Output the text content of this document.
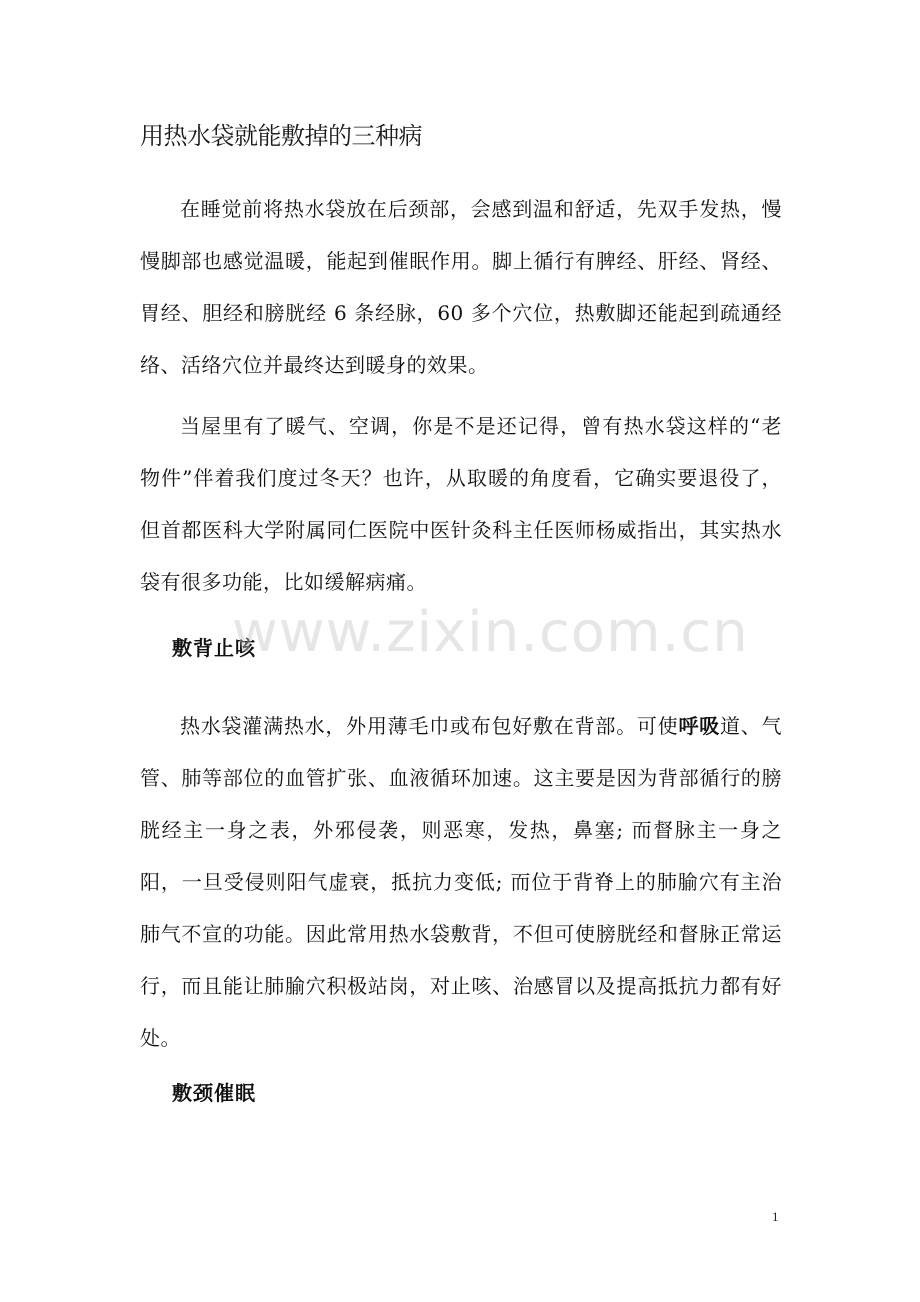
用热水袋就能敷掉的三种病

在睡觉前将热水袋放在后颈部，会感到温和舒适，先双手发热，慢慢脚部也感觉温暖，能起到催眠作用。脚上循行有脾经、肝经、肾经、胃经、胆经和膀胱经 6 条经脉，60 多个穴位，热敷脚还能起到疏通经络、活络穴位并最终达到暖身的效果。

当屋里有了暖气、空调，你是不是还记得，曾有热水袋这样的“老物件”伴着我们度过冬天？也许，从取暖的角度看，它确实要退役了，但首都医科大学附属同仁医院中医针灸科主任医师杨威指出，其实热水袋有很多功能，比如缓解病痛。

敷背止咳

热水袋灌满热水，外用薄毛巾或布包好敷在背部。可使呼吸道、气管、肺等部位的血管扩张、血液循环加速。这主要是因为背部循行的膀胱经主一身之表，外邪侵袭，则恶寒，发热，鼻塞; 而督脉主一身之阳，一旦受侵则阳气虚衰，抵抗力变低; 而位于背脊上的肺腧穴有主治肺气不宣的功能。因此常用热水袋敷背，不但可使膀胱经和督脉正常运行，而且能让肺腧穴积极站岗，对止咳、治感冒以及提高抵抗力都有好处。

敷颈催眠
www.zixin.com.cn
1
